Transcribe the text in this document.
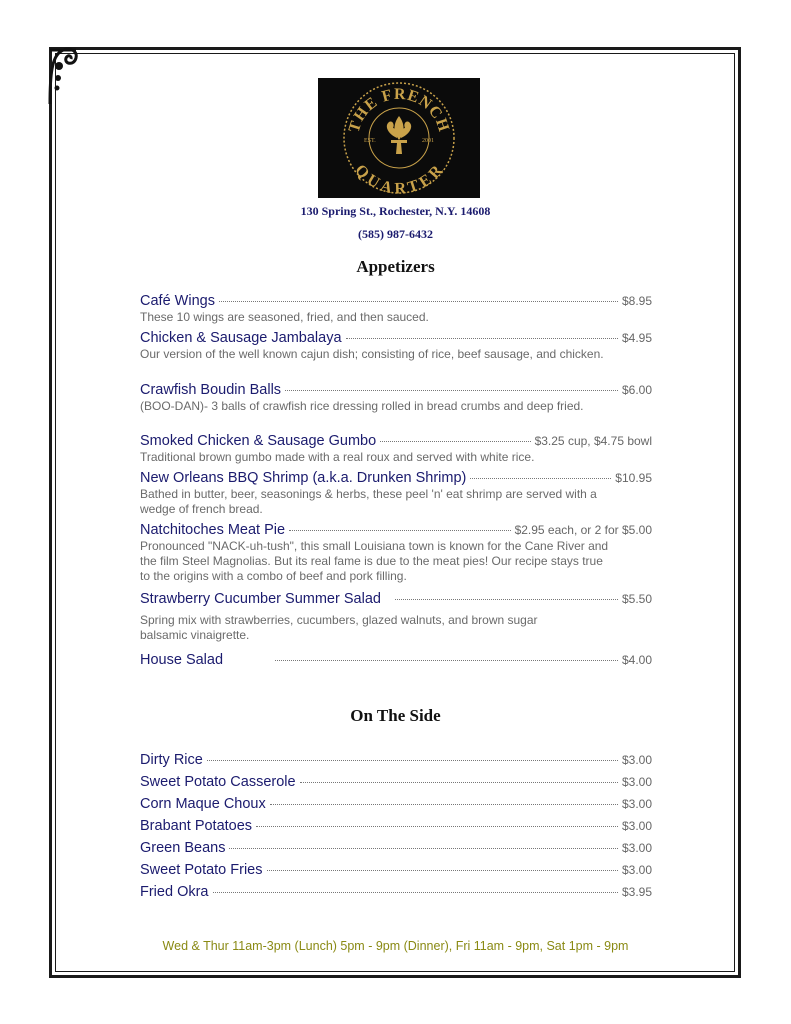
THE FRENCH
QUARTER
EST.	2001
130 Spring St., Rochester, N.Y. 14608
(585) 987-6432
Appetizers
Café Wings	$8.95
These 10 wings are seasoned, fried, and then sauced.
Chicken & Sausage Jambalaya	$4.95
Our version of the well known cajun dish; consisting of rice, beef sausage, and chicken.
Crawfish Boudin Balls	$6.00
(BOO-DAN)- 3 balls of crawfish rice dressing rolled in bread crumbs and deep fried.
Smoked Chicken & Sausage Gumbo	$3.25 cup, $4.75 bowl
Traditional brown gumbo made with a real roux and served with white rice.
New Orleans BBQ Shrimp (a.k.a. Drunken Shrimp)	$10.95
Bathed in butter, beer, seasonings & herbs, these peel 'n' eat shrimp are served with a wedge of french bread.
Natchitoches Meat Pie	$2.95 each, or 2 for $5.00
Pronounced "NACK-uh-tush", this small Louisiana town is known for the Cane River and the film Steel Magnolias. But its real fame is due to the meat pies! Our recipe stays true to the origins with a combo of beef and pork filling.
Strawberry Cucumber Summer Salad	$5.50
Spring mix with strawberries, cucumbers, glazed walnuts, and brown sugar balsamic vinaigrette.
House Salad	$4.00
On The Side
Dirty Rice	$3.00
Sweet Potato Casserole	$3.00
Corn Maque Choux	$3.00
Brabant Potatoes	$3.00
Green Beans	$3.00
Sweet Potato Fries	$3.00
Fried Okra	$3.95
Wed & Thur 11am-3pm (Lunch) 5pm - 9pm (Dinner), Fri 11am - 9pm, Sat 1pm - 9pm
